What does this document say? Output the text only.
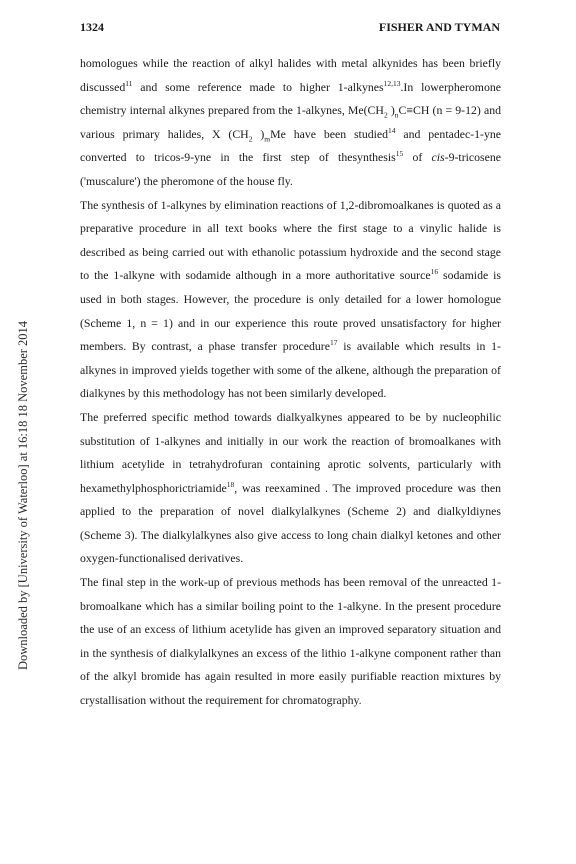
1324	FISHER AND TYMAN
Downloaded by [University of Waterloo] at 16:18 18 November 2014

homologues while the reaction of alkyl halides with metal alkynides has been briefly discussed$^{11}$ and some reference made to higher 1-alkynes$^{12,13}$.In lowerpheromone chemistry internal alkynes prepared from the 1-alkynes, $Me(CH_2$ )$_nC\equiv CH$ (n = 9-12) and various primary halides, X ($CH_2$ )$_mMe$ have been studied$^{14}$ and pentadec-1-yne converted to tricos-9-yne in the first step of thesynthesis$^{15}$ of cis-9-tricosene ('muscalure') the pheromone of the house fly.

The synthesis of 1-alkynes by elimination reactions of 1,2-dibromoalkanes is quoted as a preparative procedure in all text books where the first stage to a vinylic halide is described as being carried out with ethanolic potassium hydroxide and the second stage to the 1-alkyne with sodamide although in a more authoritative source$^{16}$ sodamide is used in both stages. However, the procedure is only detailed for a lower homologue (Scheme 1, n = 1) and in our experience this route proved unsatisfactory for higher members. By contrast, a phase transfer procedure$^{17}$ is available which results in 1-alkynes in improved yields together with some of the alkene, although the preparation of dialkynes by this methodology has not been similarly developed.

The preferred specific method towards dialkyalkynes appeared to be by nucleophilic substitution of 1-alkynes and initially in our work the reaction of bromoalkanes with lithium acetylide in tetrahydrofuran containing aprotic solvents, particularly with hexamethylphosphorictriamide$^{18}$, was reexamined . The improved procedure was then applied to the preparation of novel dialkylalkynes (Scheme 2) and dialkyldiynes (Scheme 3). The dialkylalkynes also give access to long chain dialkyl ketones and other oxygen-functionalised derivatives.

The final step in the work-up of previous methods has been removal of the unreacted 1-bromoalkane which has a similar boiling point to the 1-alkyne. In the present procedure the use of an excess of lithium acetylide has given an improved separatory situation and in the synthesis of dialkylalkynes an excess of the lithio 1-alkyne component rather than of the alkyl bromide has again resulted in more easily purifiable reaction mixtures by crystallisation without the requirement for chromatography.
